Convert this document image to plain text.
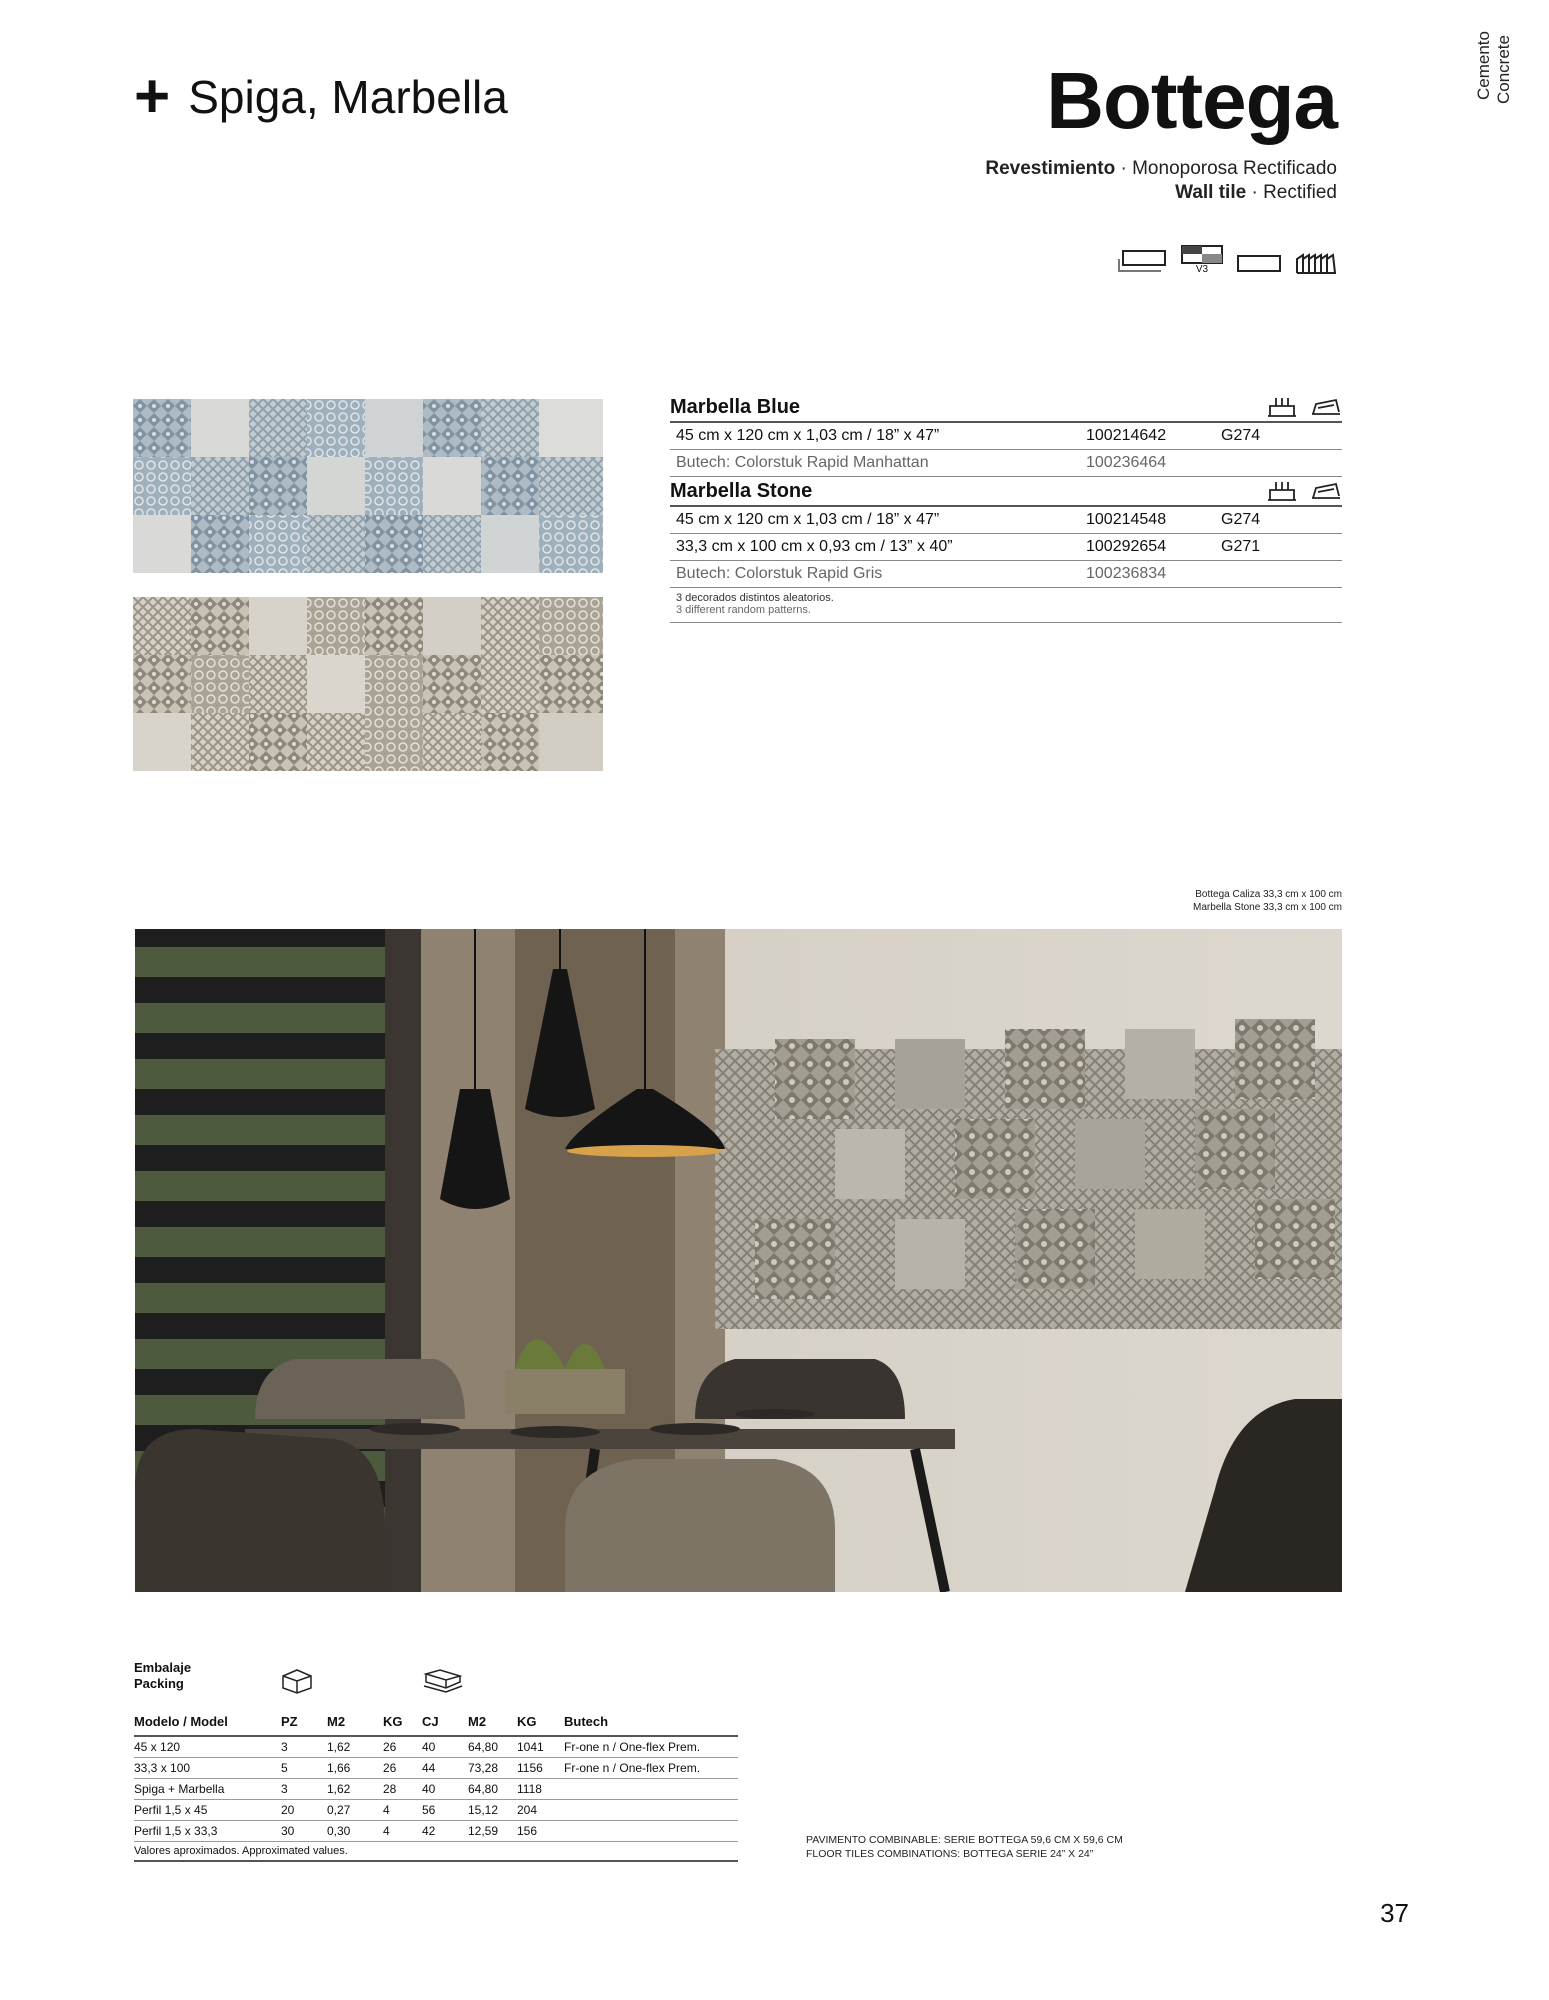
Cemento Concrete
+ Spiga, Marbella	Bottega
Revestimiento · Monoporosa Rectificado
Wall tile · Rectified
V3
Marbella Blue
45 cm x 120 cm x 1,03 cm / 18” x 47”	100214642	G274
Butech: Colorstuk Rapid Manhattan	100236464
Marbella Stone
45 cm x 120 cm x 1,03 cm / 18” x 47”	100214548	G274
33,3 cm x 100 cm x 0,93 cm / 13” x 40”	100292654	G271
Butech: Colorstuk Rapid Gris	100236834
3 decorados distintos aleatorios.
3 different random patterns.
Bottega Caliza 33,3 cm x 100 cm
Marbella Stone 33,3 cm x 100 cm
Embalaje
Packing
Modelo / Model	PZ	M2	KG	CJ	M2	KG	Butech
45 x 120	3	1,62	26	40	64,80	1041	Fr-one n / One-flex Prem.
33,3 x 100	5	1,66	26	44	73,28	1156	Fr-one n / One-flex Prem.
Spiga + Marbella	3	1,62	28	40	64,80	1118	
Perfil 1,5 x 45	20	0,27	4	56	15,12	204	
Perfil 1,5 x 33,3	30	0,30	4	42	12,59	156	
Valores aproximados. Approximated values.							
PAVIMENTO COMBINABLE: SERIE BOTTEGA 59,6 CM X 59,6 CM
FLOOR TILES COMBINATIONS: BOTTEGA SERIE 24” X 24”
37
